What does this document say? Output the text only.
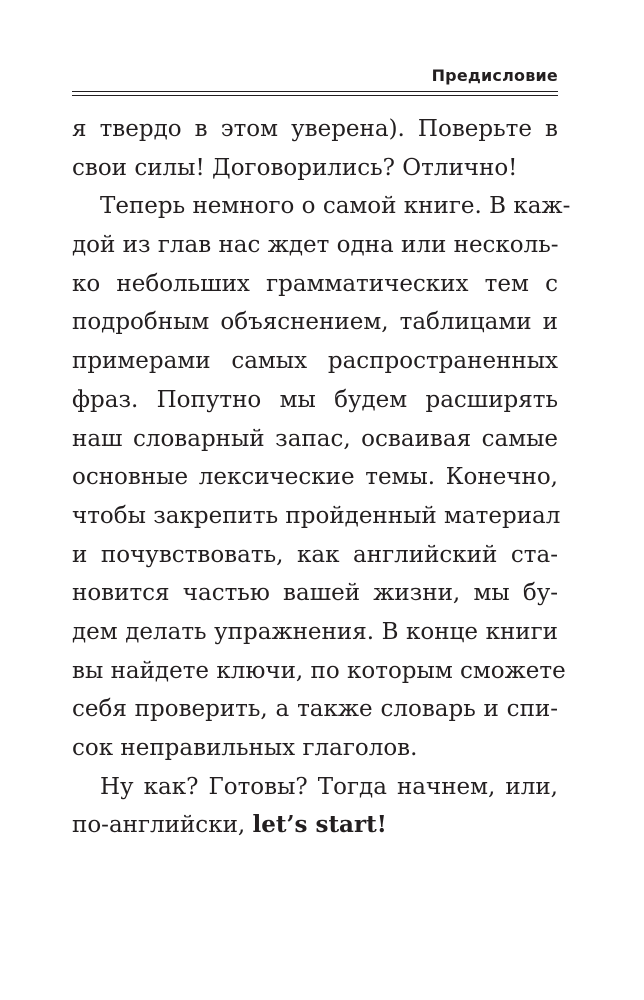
Предисловие
я твердо в этом уверена). Поверьте в
свои силы! Договорились? Отлично!
Теперь немного о самой книге. В каж-
дой из глав нас ждет одна или несколь-
ко небольших грамматических тем с
подробным объяснением, таблицами и
примерами самых распространенных
фраз. Попутно мы будем расширять
наш словарный запас, осваивая самые
основные лексические темы. Конечно,
чтобы закрепить пройденный материал
и почувствовать, как английский ста-
новится частью вашей жизни, мы бу-
дем делать упражнения. В конце книги
вы найдете ключи, по которым сможете
себя проверить, а также словарь и спи-
сок неправильных глаголов.
Ну как? Готовы? Тогда начнем, или,
по-английски, let’s start!
